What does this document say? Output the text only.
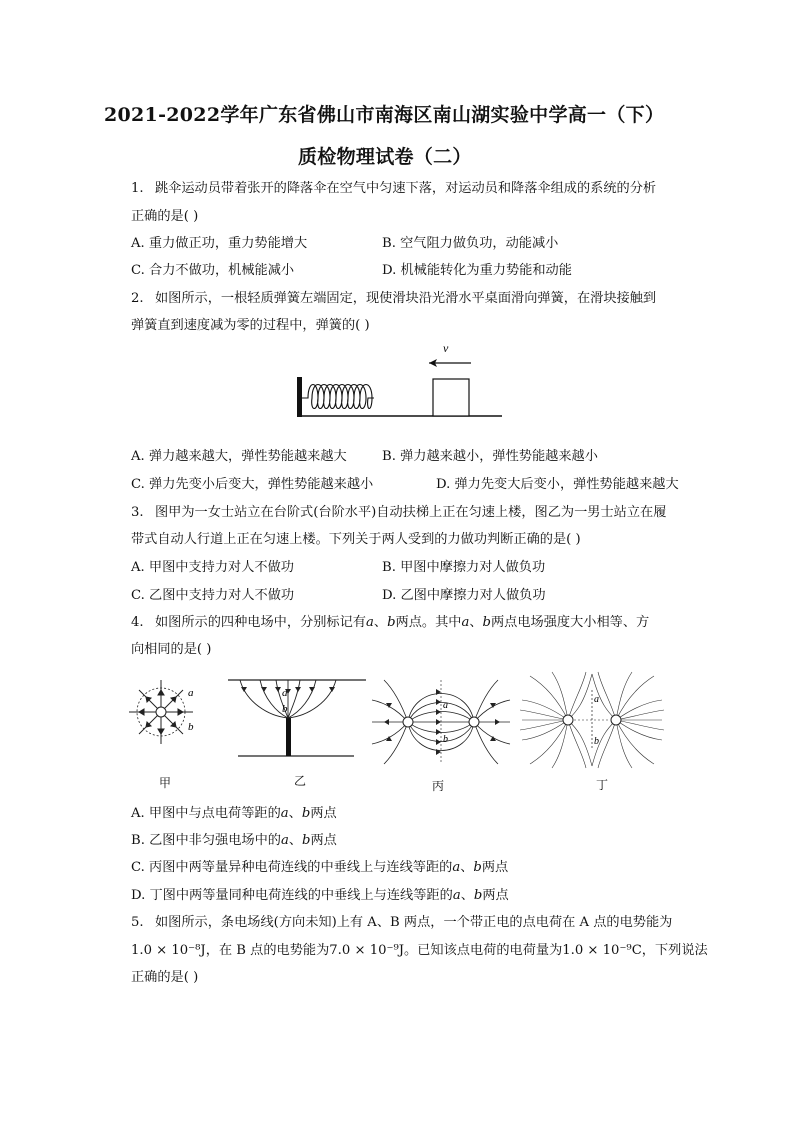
2021-2022学年广东省佛山市南海区南山湖实验中学高一（下）
质检物理试卷（二）
1. 跳伞运动员带着张开的降落伞在空气中匀速下落，对运动员和降落伞组成的系统的分析
正确的是( )
A. 重力做正功，重力势能增大	B. 空气阻力做负功，动能减小
C. 合力不做功，机械能减小	D. 机械能转化为重力势能和动能
2. 如图所示，一根轻质弹簧左端固定，现使滑块沿光滑水平桌面滑向弹簧，在滑块接触到
弹簧直到速度减为零的过程中，弹簧的( )
v
A. 弹力越来越大，弹性势能越来越大	B. 弹力越来越小，弹性势能越来越小
C. 弹力先变小后变大，弹性势能越来越小	D. 弹力先变大后变小，弹性势能越来越大
3. 图甲为一女士站立在台阶式(台阶水平)自动扶梯上正在匀速上楼，图乙为一男士站立在履
带式自动人行道上正在匀速上楼。下列关于两人受到的力做功判断正确的是( )
A. 甲图中支持力对人不做功	B. 甲图中摩擦力对人做负功
C. 乙图中支持力对人不做功	D. 乙图中摩擦力对人做负功
4. 如图所示的四种电场中，分别标记有a、b两点。其中a、b两点电场强度大小相等、方
向相同的是( )
a
b
a
b	a
b
a
b
甲	乙	丙	丁
A. 甲图中与点电荷等距的a、b两点
B. 乙图中非匀强电场中的a、b两点
C. 丙图中两等量异种电荷连线的中垂线上与连线等距的a、b两点
D. 丁图中两等量同种电荷连线的中垂线上与连线等距的a、b两点
5. 如图所示，条电场线(方向未知)上有 A、B 两点，一个带正电的点电荷在 A 点的电势能为
1.0 × 10⁻⁸J，在 B 点的电势能为7.0 × 10⁻⁹J。已知该点电荷的电荷量为1.0 × 10⁻⁹C，下列说法
正确的是( )
